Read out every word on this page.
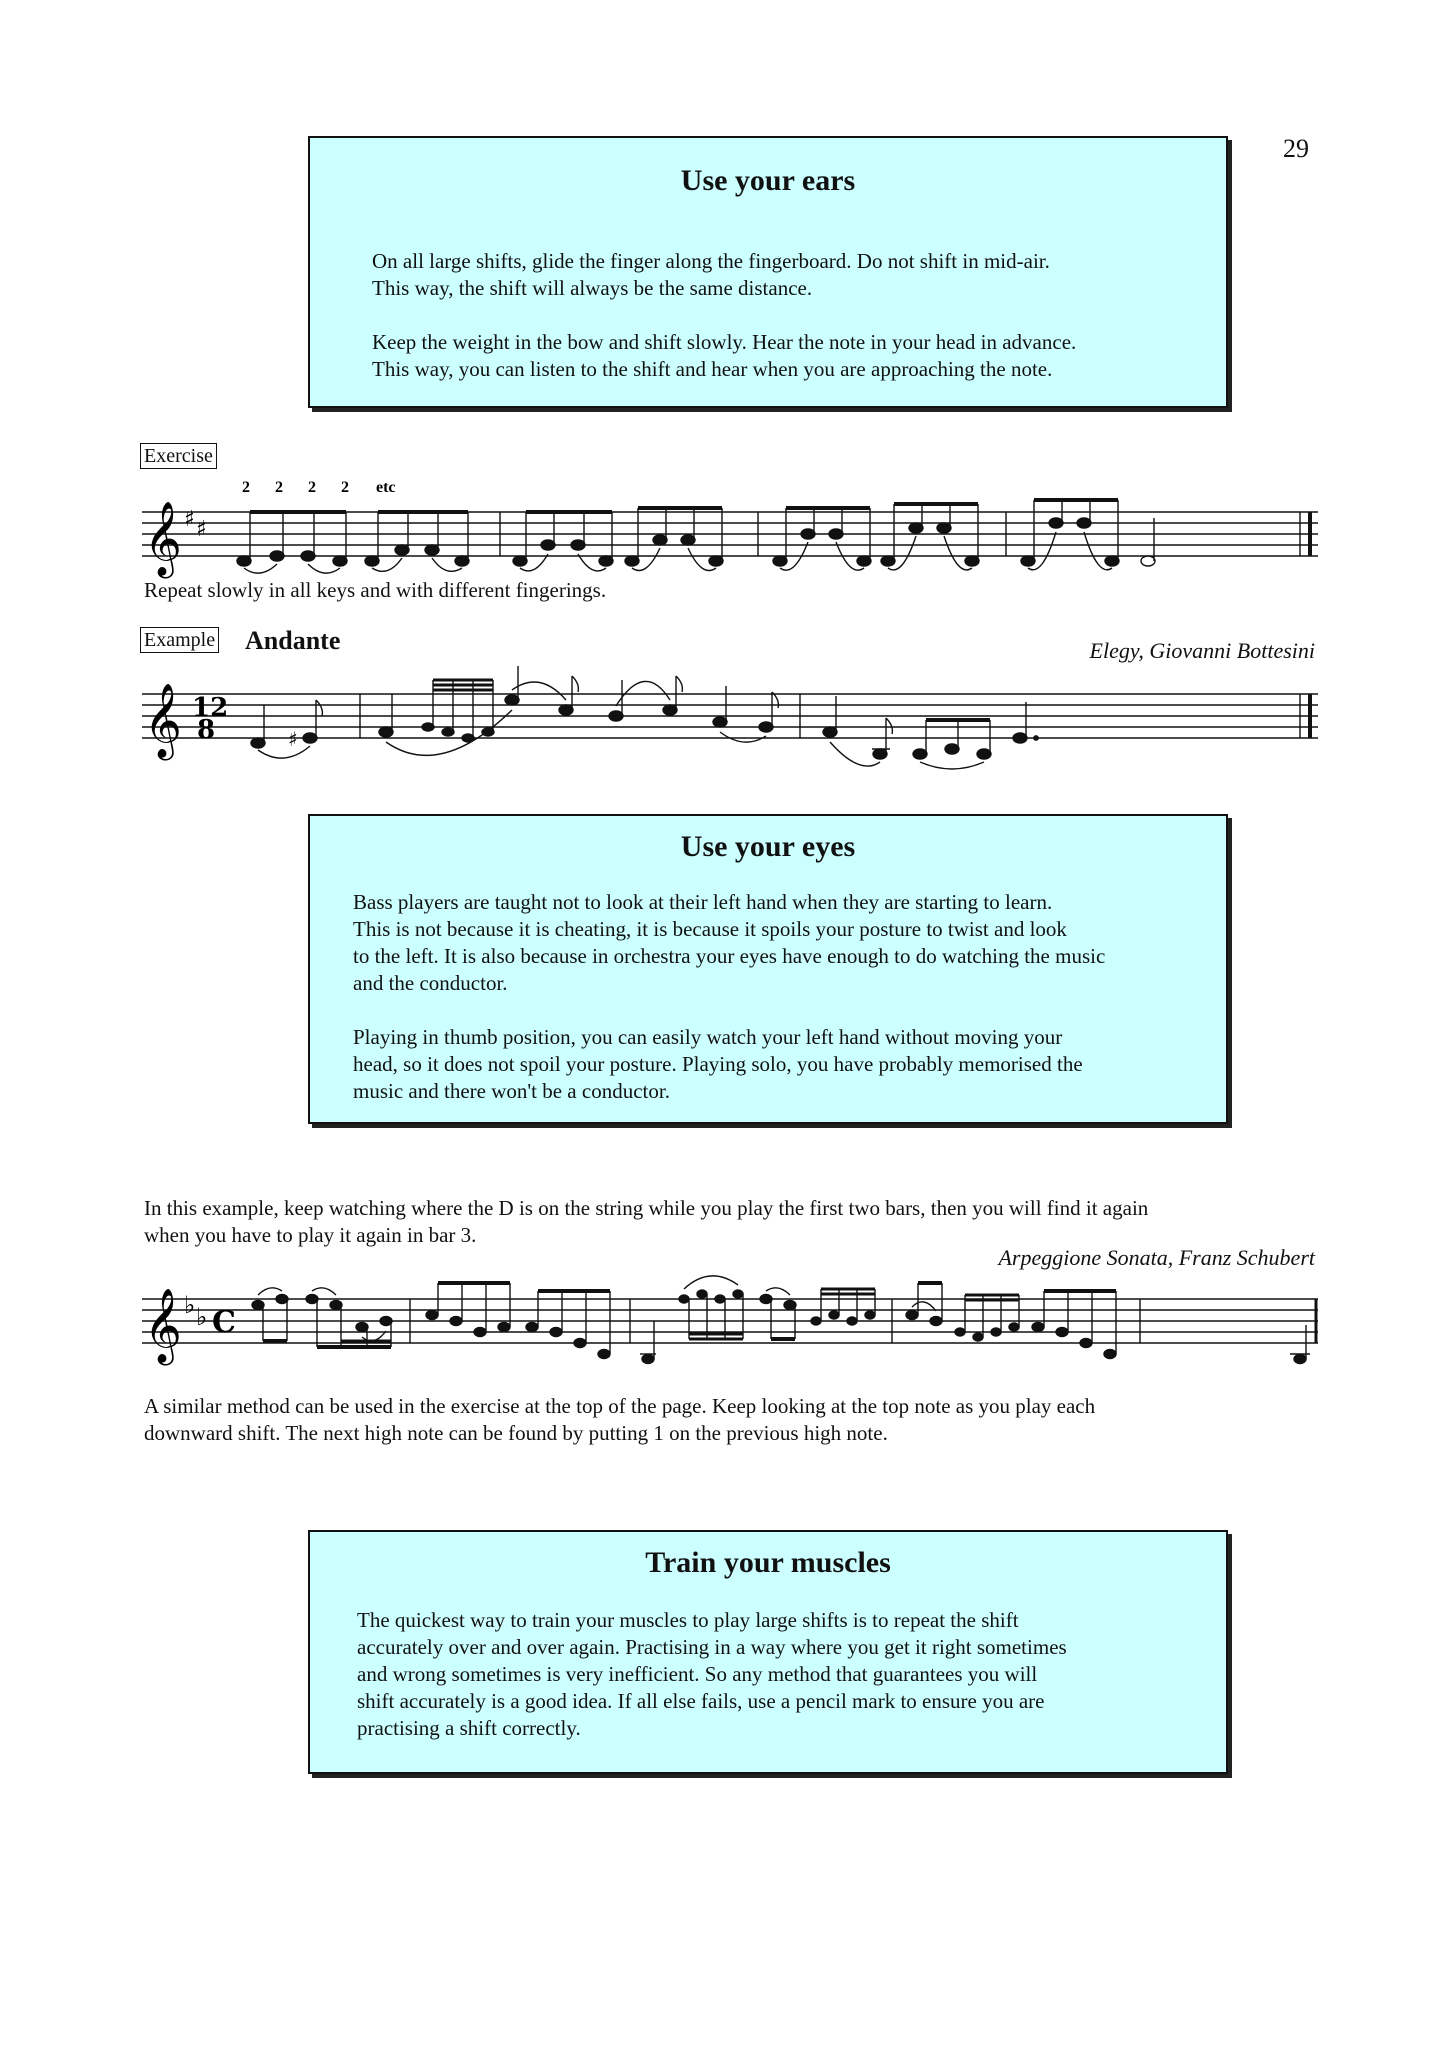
29
Use your ears

On all large shifts, glide the finger along the fingerboard. Do not shift in mid-air.

This way, the shift will always be the same distance.

Keep the weight in the bow and shift slowly. Hear the note in your head in advance.

This way, you can listen to the shift and hear when you are approaching the note.

Exercise
𝄞 ♯ ♯
2 2 2 2 etc
Repeat slowly in all keys and with different fingerings.
Example Andante	Elegy, Giovanni Bottesini
𝄞 12
8	♯
Use your eyes

Bass players are taught not to look at their left hand when they are starting to learn.

This is not because it is cheating, it is because it spoils your posture to twist and look

to the left. It is also because in orchestra your eyes have enough to do watching the music

and the conductor.

Playing in thumb position, you can easily watch your left hand without moving your

head, so it does not spoil your posture. Playing solo, you have probably memorised the

music and there won't be a conductor.

In this example, keep watching where the D is on the string while you play the first two bars, then you will find it again
when you have to play it again in bar 3.
Arpeggione Sonata, Franz Schubert
𝄞 ♭ ♭ C
A similar method can be used in the exercise at the top of the page. Keep looking at the top note as you play each
downward shift. The next high note can be found by putting 1 on the previous high note.
Train your muscles

The quickest way to train your muscles to play large shifts is to repeat the shift

accurately over and over again. Practising in a way where you get it right sometimes

and wrong sometimes is very inefficient. So any method that guarantees you will

shift accurately is a good idea. If all else fails, use a pencil mark to ensure you are

practising a shift correctly.
